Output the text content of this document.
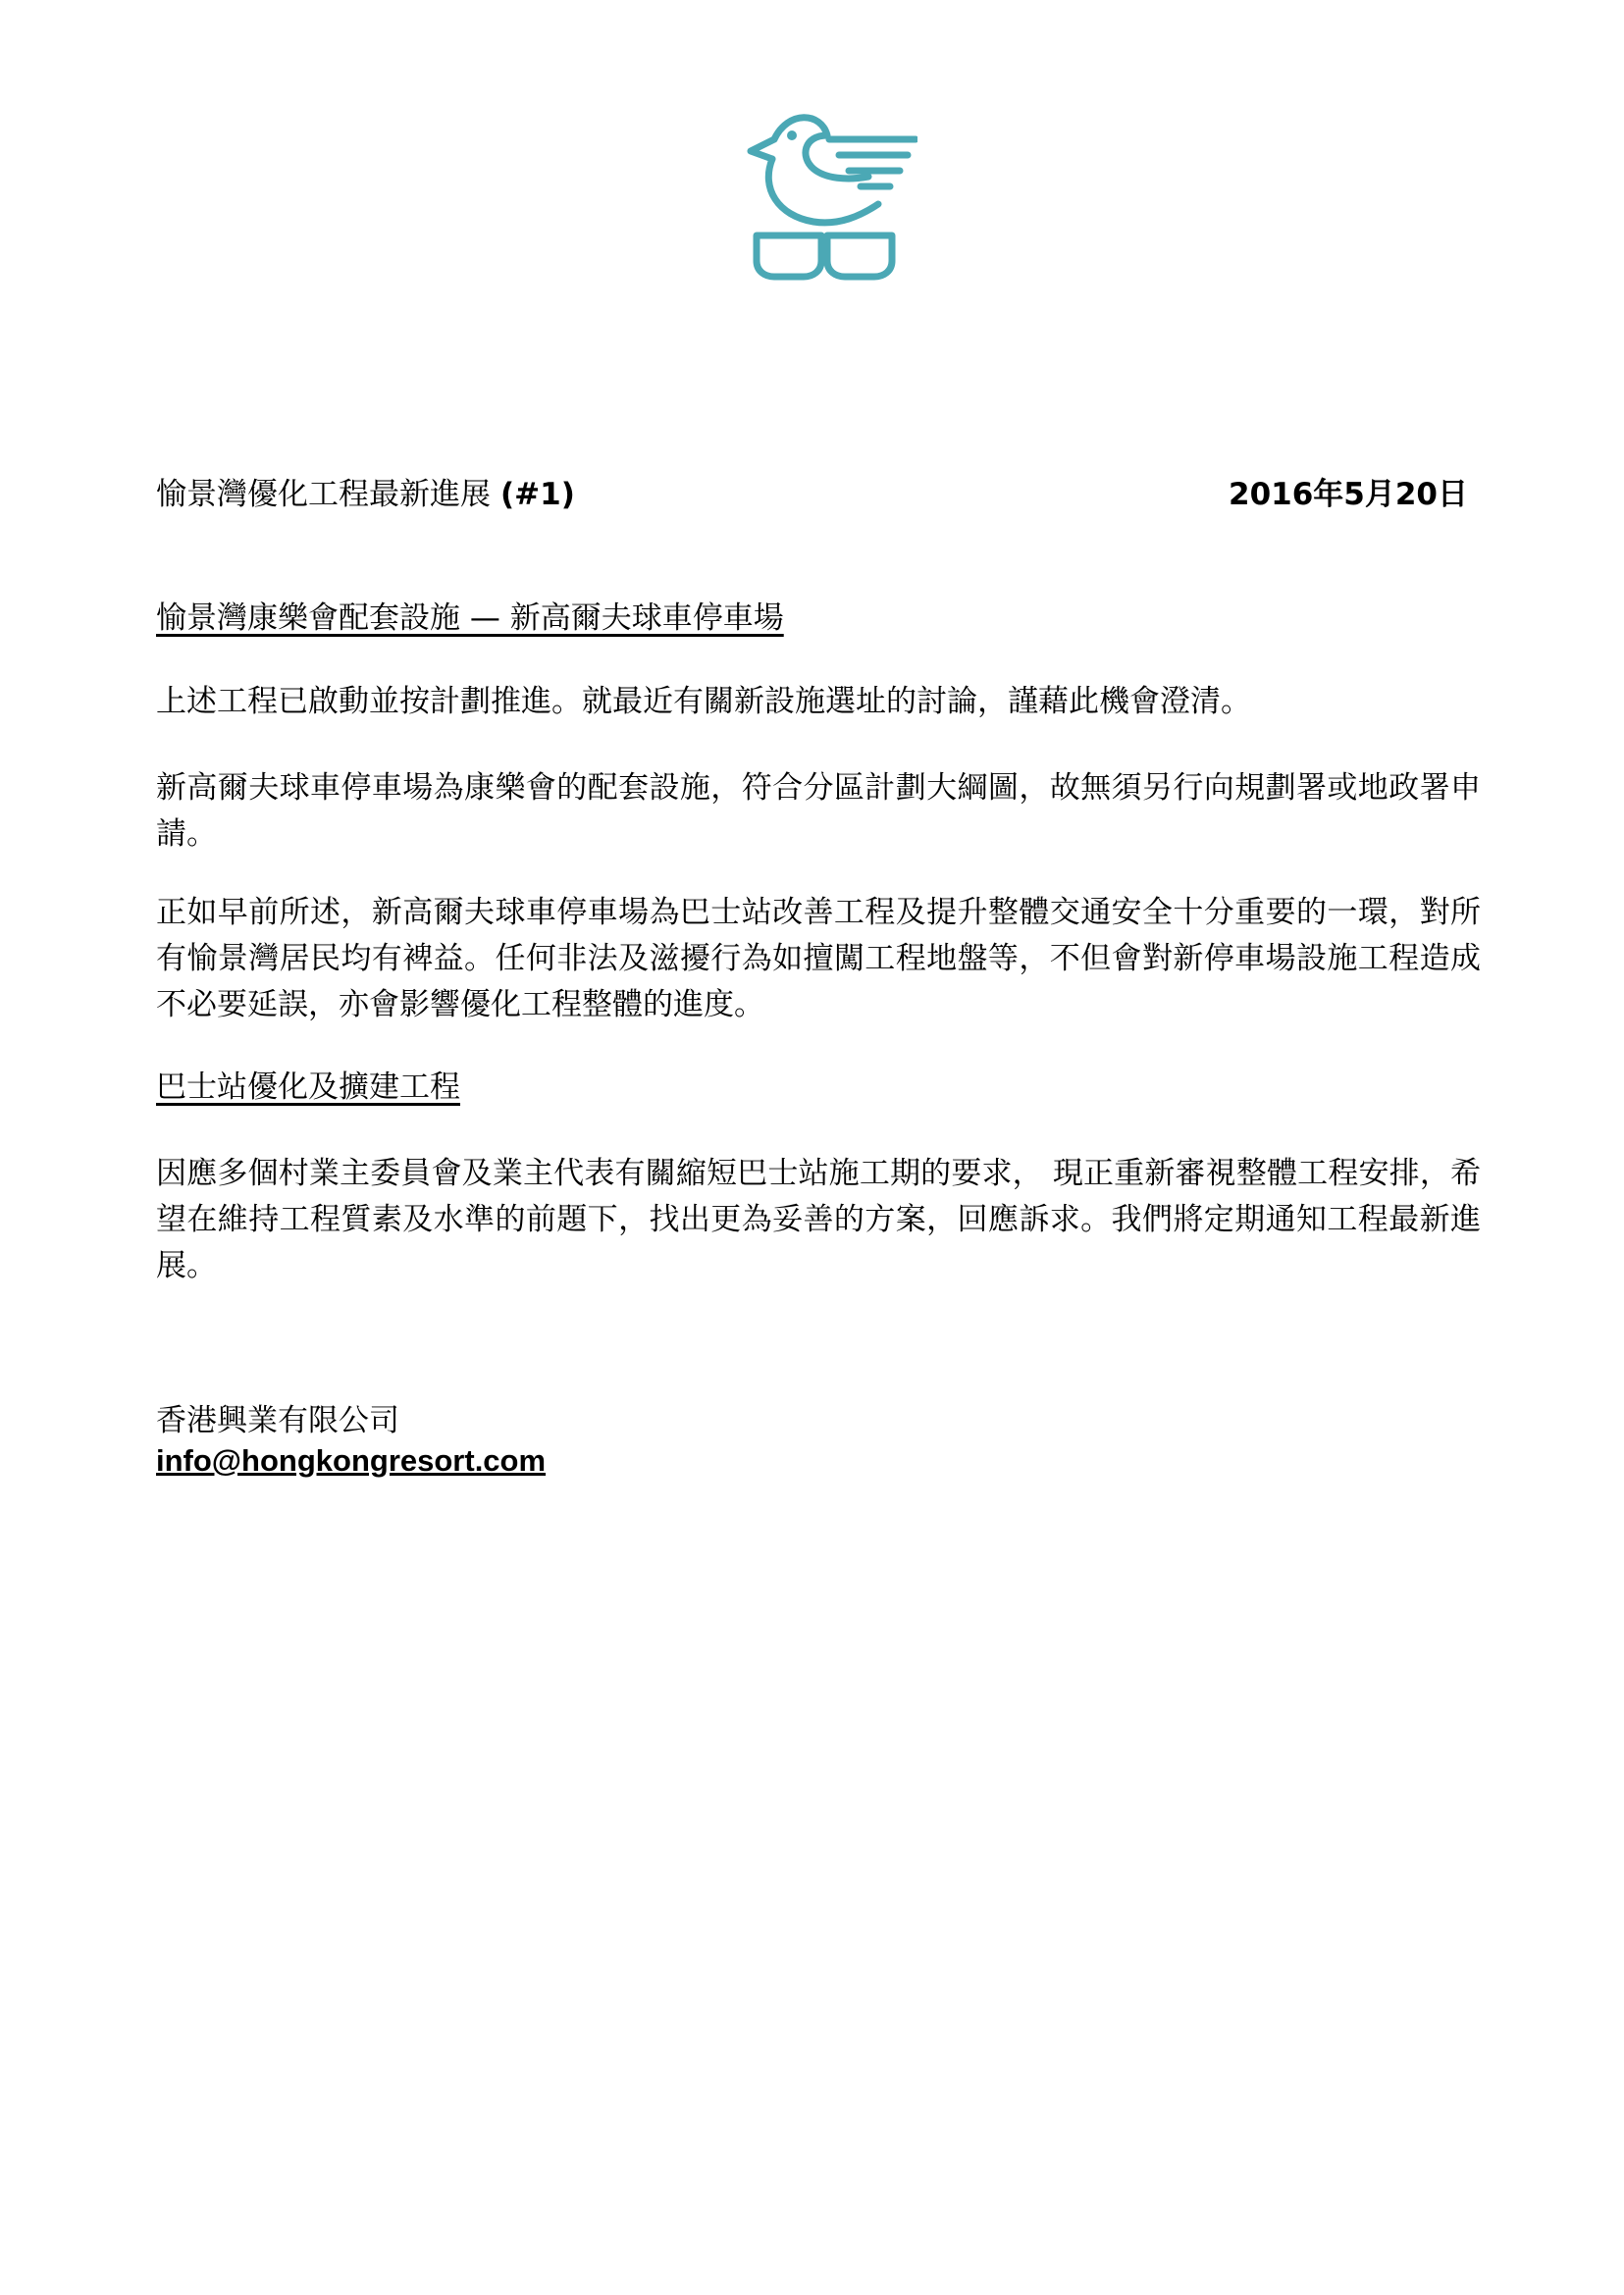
愉景灣優化工程最新進展 (#1)	2016年5月20日
愉景灣康樂會配套設施 — 新高爾夫球車停車場

上述工程已啟動並按計劃推進。就最近有關新設施選址的討論，謹藉此機會澄清。

新高爾夫球車停車場為康樂會的配套設施，符合分區計劃大綱圖，故無須另行向規劃署或地政署申請。

正如早前所述，新高爾夫球車停車場為巴士站改善工程及提升整體交通安全十分重要的一環，對所有愉景灣居民均有裨益。任何非法及滋擾行為如擅闖工程地盤等，不但會對新停車場設施工程造成不必要延誤，亦會影響優化工程整體的進度。

巴士站優化及擴建工程

因應多個村業主委員會及業主代表有關縮短巴士站施工期的要求， 現正重新審視整體工程安排，希望在維持工程質素及水準的前題下，找出更為妥善的方案，回應訴求。我們將定期通知工程最新進展。

香港興業有限公司
info@hongkongresort.com
